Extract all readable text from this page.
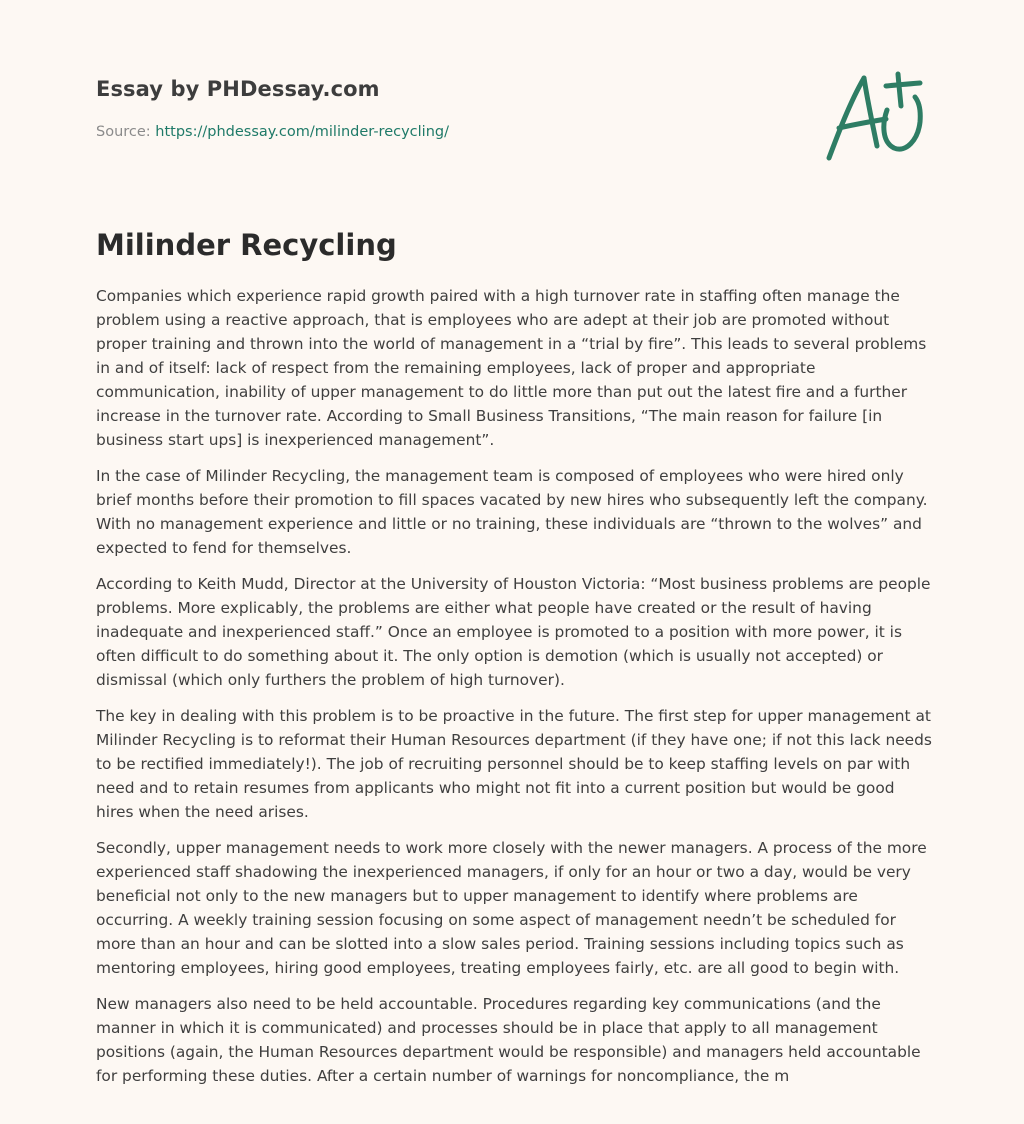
Essay by PHDessay.com
Source: https://phdessay.com/milinder-recycling/
Milinder Recycling

Companies which experience rapid growth paired with a high turnover rate in staffing often manage the problem using a reactive approach, that is employees who are adept at their job are promoted without proper training and thrown into the world of management in a “trial by fire”. This leads to several problems in and of itself: lack of respect from the remaining employees, lack of proper and appropriate communication, inability of upper management to do little more than put out the latest fire and a further increase in the turnover rate. According to Small Business Transitions, “The main reason for failure [in business start ups] is inexperienced management”.

In the case of Milinder Recycling, the management team is composed of employees who were hired only brief months before their promotion to fill spaces vacated by new hires who subsequently left the company. With no management experience and little or no training, these individuals are “thrown to the wolves” and expected to fend for themselves.

According to Keith Mudd, Director at the University of Houston Victoria: “Most business problems are people problems. More explicably, the problems are either what people have created or the result of having inadequate and inexperienced staff.” Once an employee is promoted to a position with more power, it is often difficult to do something about it. The only option is demotion (which is usually not accepted) or dismissal (which only furthers the problem of high turnover).

The key in dealing with this problem is to be proactive in the future. The first step for upper management at Milinder Recycling is to reformat their Human Resources department (if they have one; if not this lack needs to be rectified immediately!). The job of recruiting personnel should be to keep staffing levels on par with need and to retain resumes from applicants who might not fit into a current position but would be good hires when the need arises.

Secondly, upper management needs to work more closely with the newer managers. A process of the more experienced staff shadowing the inexperienced managers, if only for an hour or two a day, would be very beneficial not only to the new managers but to upper management to identify where problems are occurring. A weekly training session focusing on some aspect of management needn’t be scheduled for more than an hour and can be slotted into a slow sales period. Training sessions including topics such as mentoring employees, hiring good employees, treating employees fairly, etc. are all good to begin with.

New managers also need to be held accountable. Procedures regarding key communications (and the manner in which it is communicated) and processes should be in place that apply to all management positions (again, the Human Resources department would be responsible) and managers held accountable for performing these duties. After a certain number of warnings for noncompliance, the m
